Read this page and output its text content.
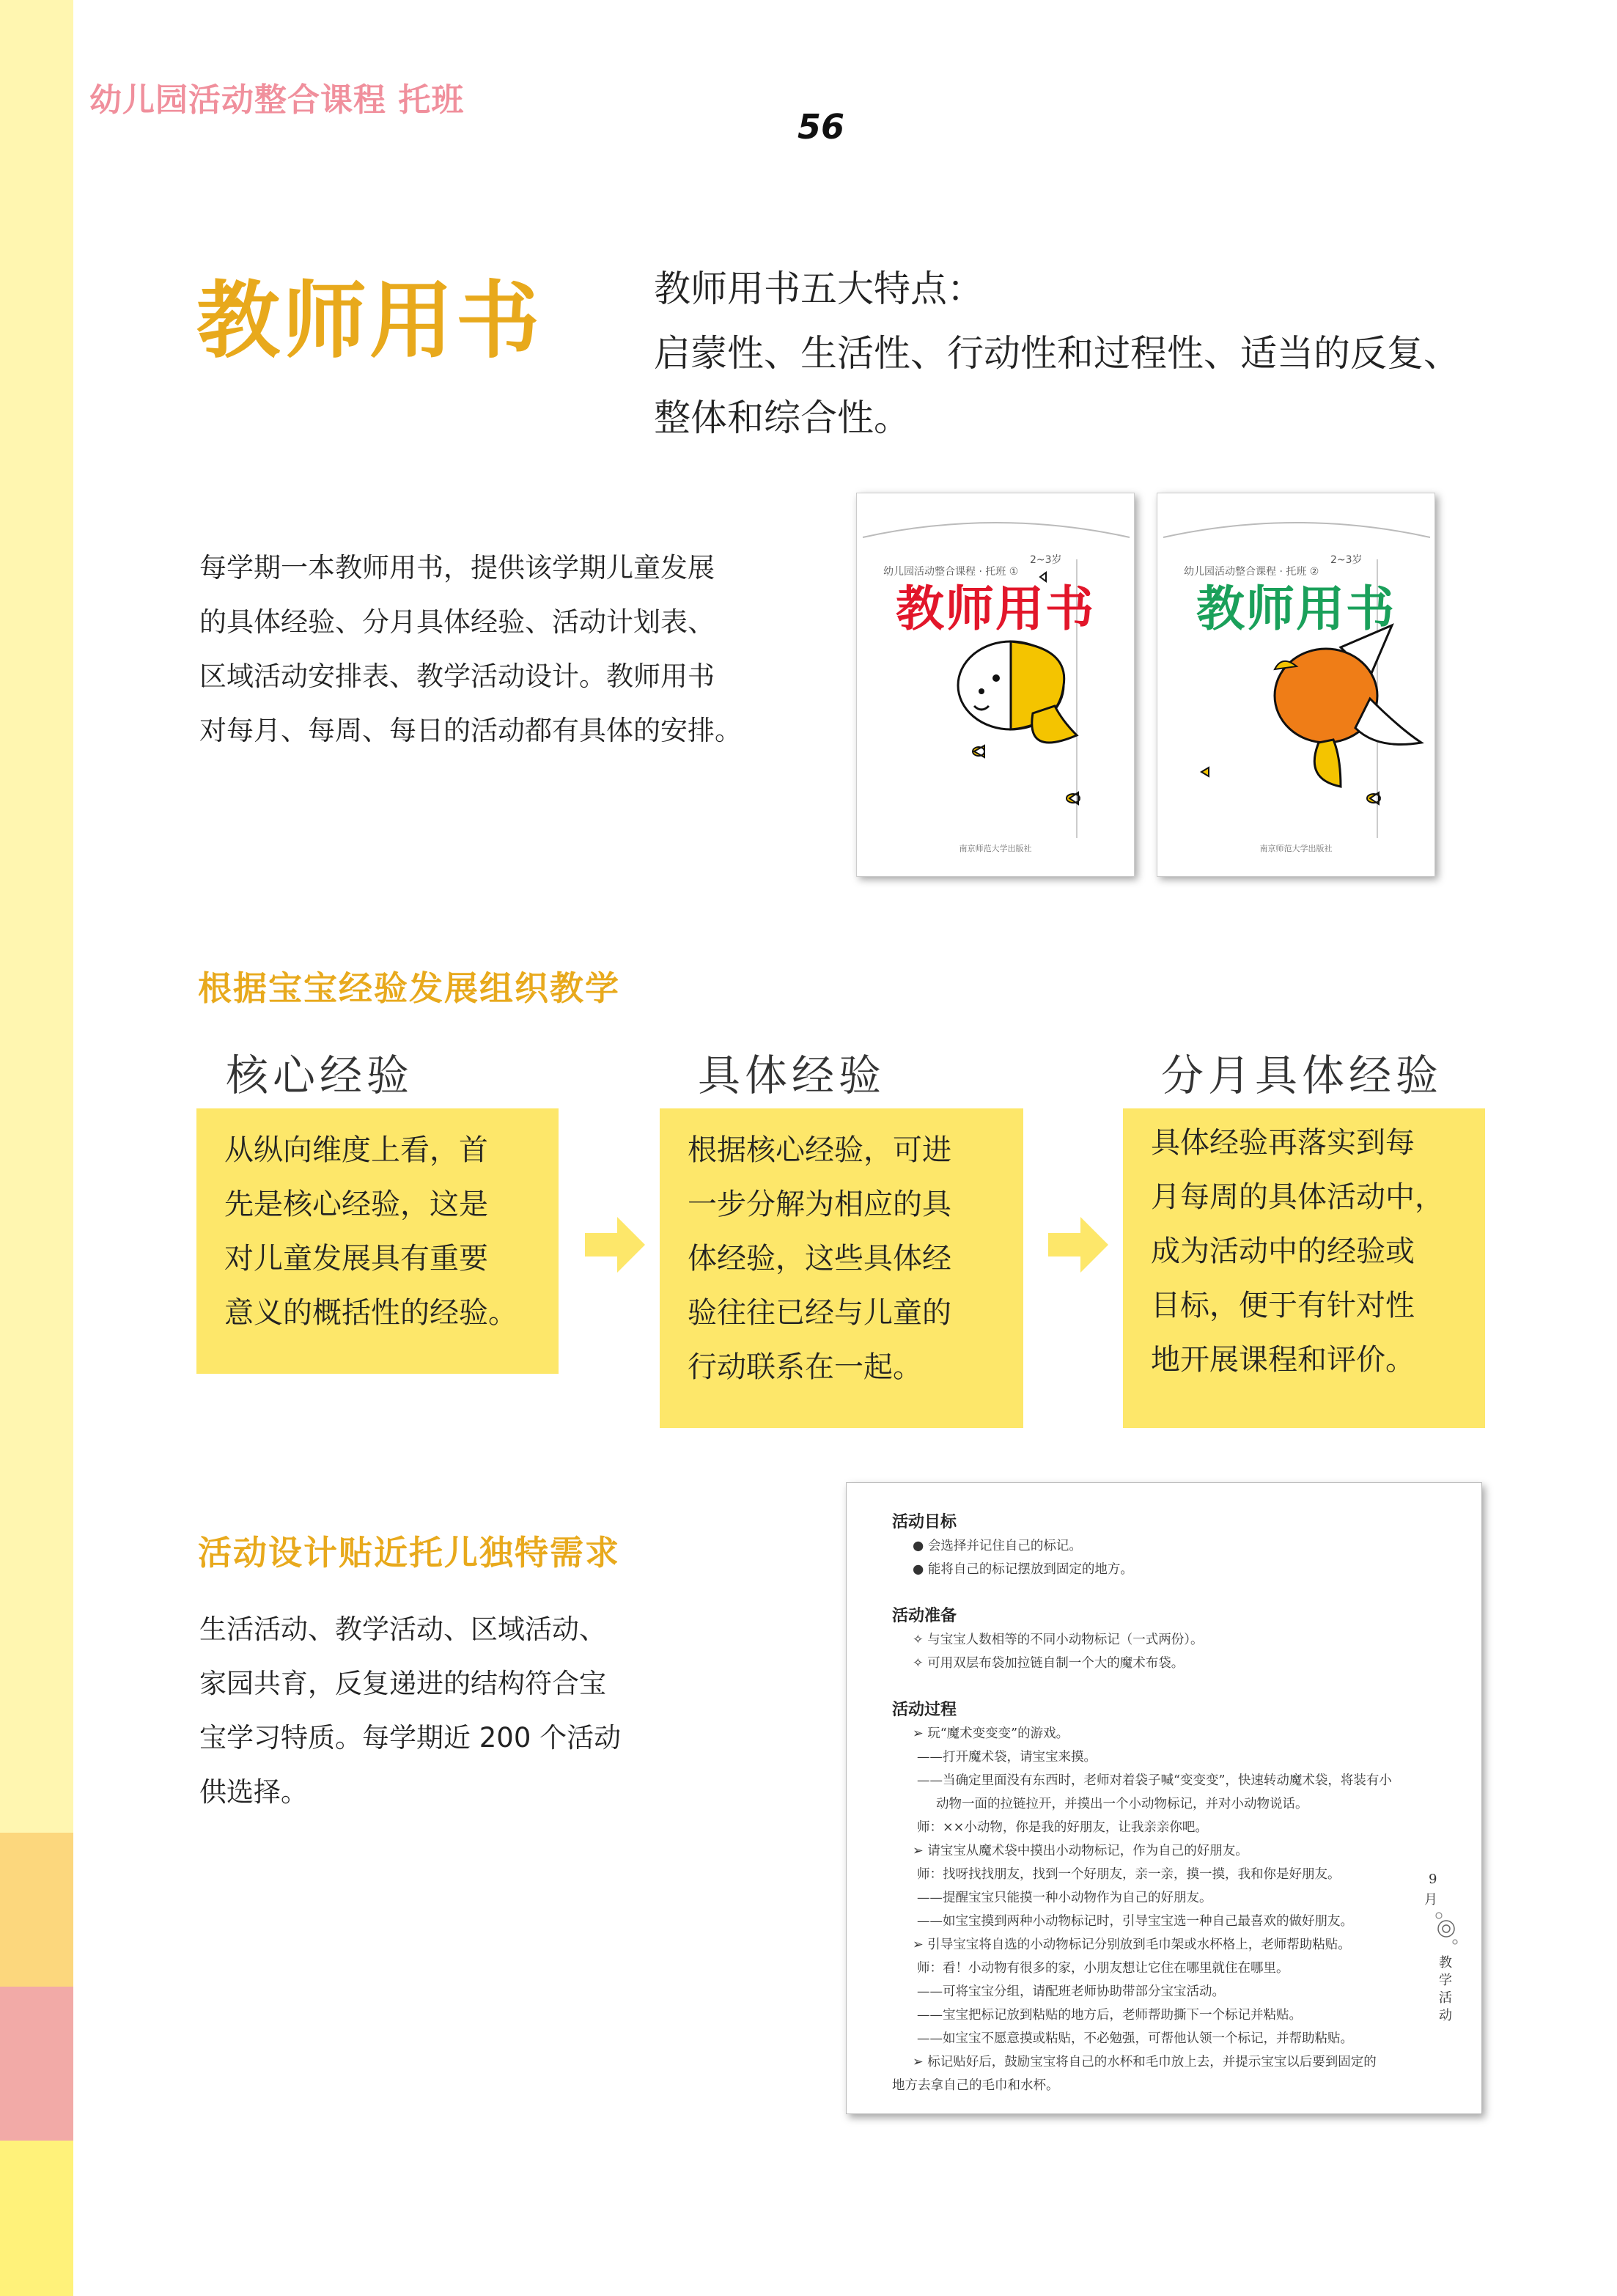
幼儿园活动整合课程 托班
56
教师用书	教师用书五大特点：
启蒙性、生活性、行动性和过程性、适当的反复、
整体和综合性。
每学期一本教师用书，提供该学期儿童发展
的具体经验、分月具体经验、活动计划表、
区域活动安排表、教学活动设计。教师用书
对每月、每周、每日的活动都有具体的安排。
幼儿园活动整合课程 · 托班 ①
2~3岁
教师用书
南京师范大学出版社
幼儿园活动整合课程 · 托班 ②
2~3岁
教师用书
南京师范大学出版社
根据宝宝经验发展组织教学
核心经验	具体经验	分月具体经验
从纵向维度上看，首
先是核心经验，这是
对儿童发展具有重要
意义的概括性的经验。
根据核心经验，可进
一步分解为相应的具
体经验，这些具体经
验往往已经与儿童的
行动联系在一起。
具体经验再落实到每
月每周的具体活动中，
成为活动中的经验或
目标，便于有针对性
地开展课程和评价。
活动设计贴近托儿独特需求
生活活动、教学活动、区域活动、
家园共育，反复递进的结构符合宝
宝学习特质。每学期近 200 个活动
供选择。
活动目标
● 会选择并记住自己的标记。
● 能将自己的标记摆放到固定的地方。
活动准备
✧ 与宝宝人数相等的不同小动物标记（一式两份）。
✧ 可用双层布袋加拉链自制一个大的魔术布袋。
活动过程
➢ 玩“魔术变变变”的游戏。
——打开魔术袋，请宝宝来摸。
——当确定里面没有东西时，老师对着袋子喊“变变变”，快速转动魔术袋，将装有小
动物一面的拉链拉开，并摸出一个小动物标记，并对小动物说话。
师：××小动物，你是我的好朋友，让我亲亲你吧。
➢ 请宝宝从魔术袋中摸出小动物标记，作为自己的好朋友。
师：找呀找找朋友，找到一个好朋友，亲一亲，摸一摸，我和你是好朋友。
——提醒宝宝只能摸一种小动物作为自己的好朋友。
——如宝宝摸到两种小动物标记时，引导宝宝选一种自己最喜欢的做好朋友。
➢ 引导宝宝将自选的小动物标记分别放到毛巾架或水杯格上，老师帮助粘贴。
师：看！小动物有很多的家，小朋友想让它住在哪里就住在哪里。
——可将宝宝分组，请配班老师协助带部分宝宝活动。
——宝宝把标记放到粘贴的地方后，老师帮助撕下一个标记并粘贴。
——如宝宝不愿意摸或粘贴，不必勉强，可帮他认领一个标记，并帮助粘贴。
➢ 标记贴好后，鼓励宝宝将自己的水杯和毛巾放上去，并提示宝宝以后要到固定的
地方去拿自己的毛巾和水杯。
9
月
教
学
活
动
